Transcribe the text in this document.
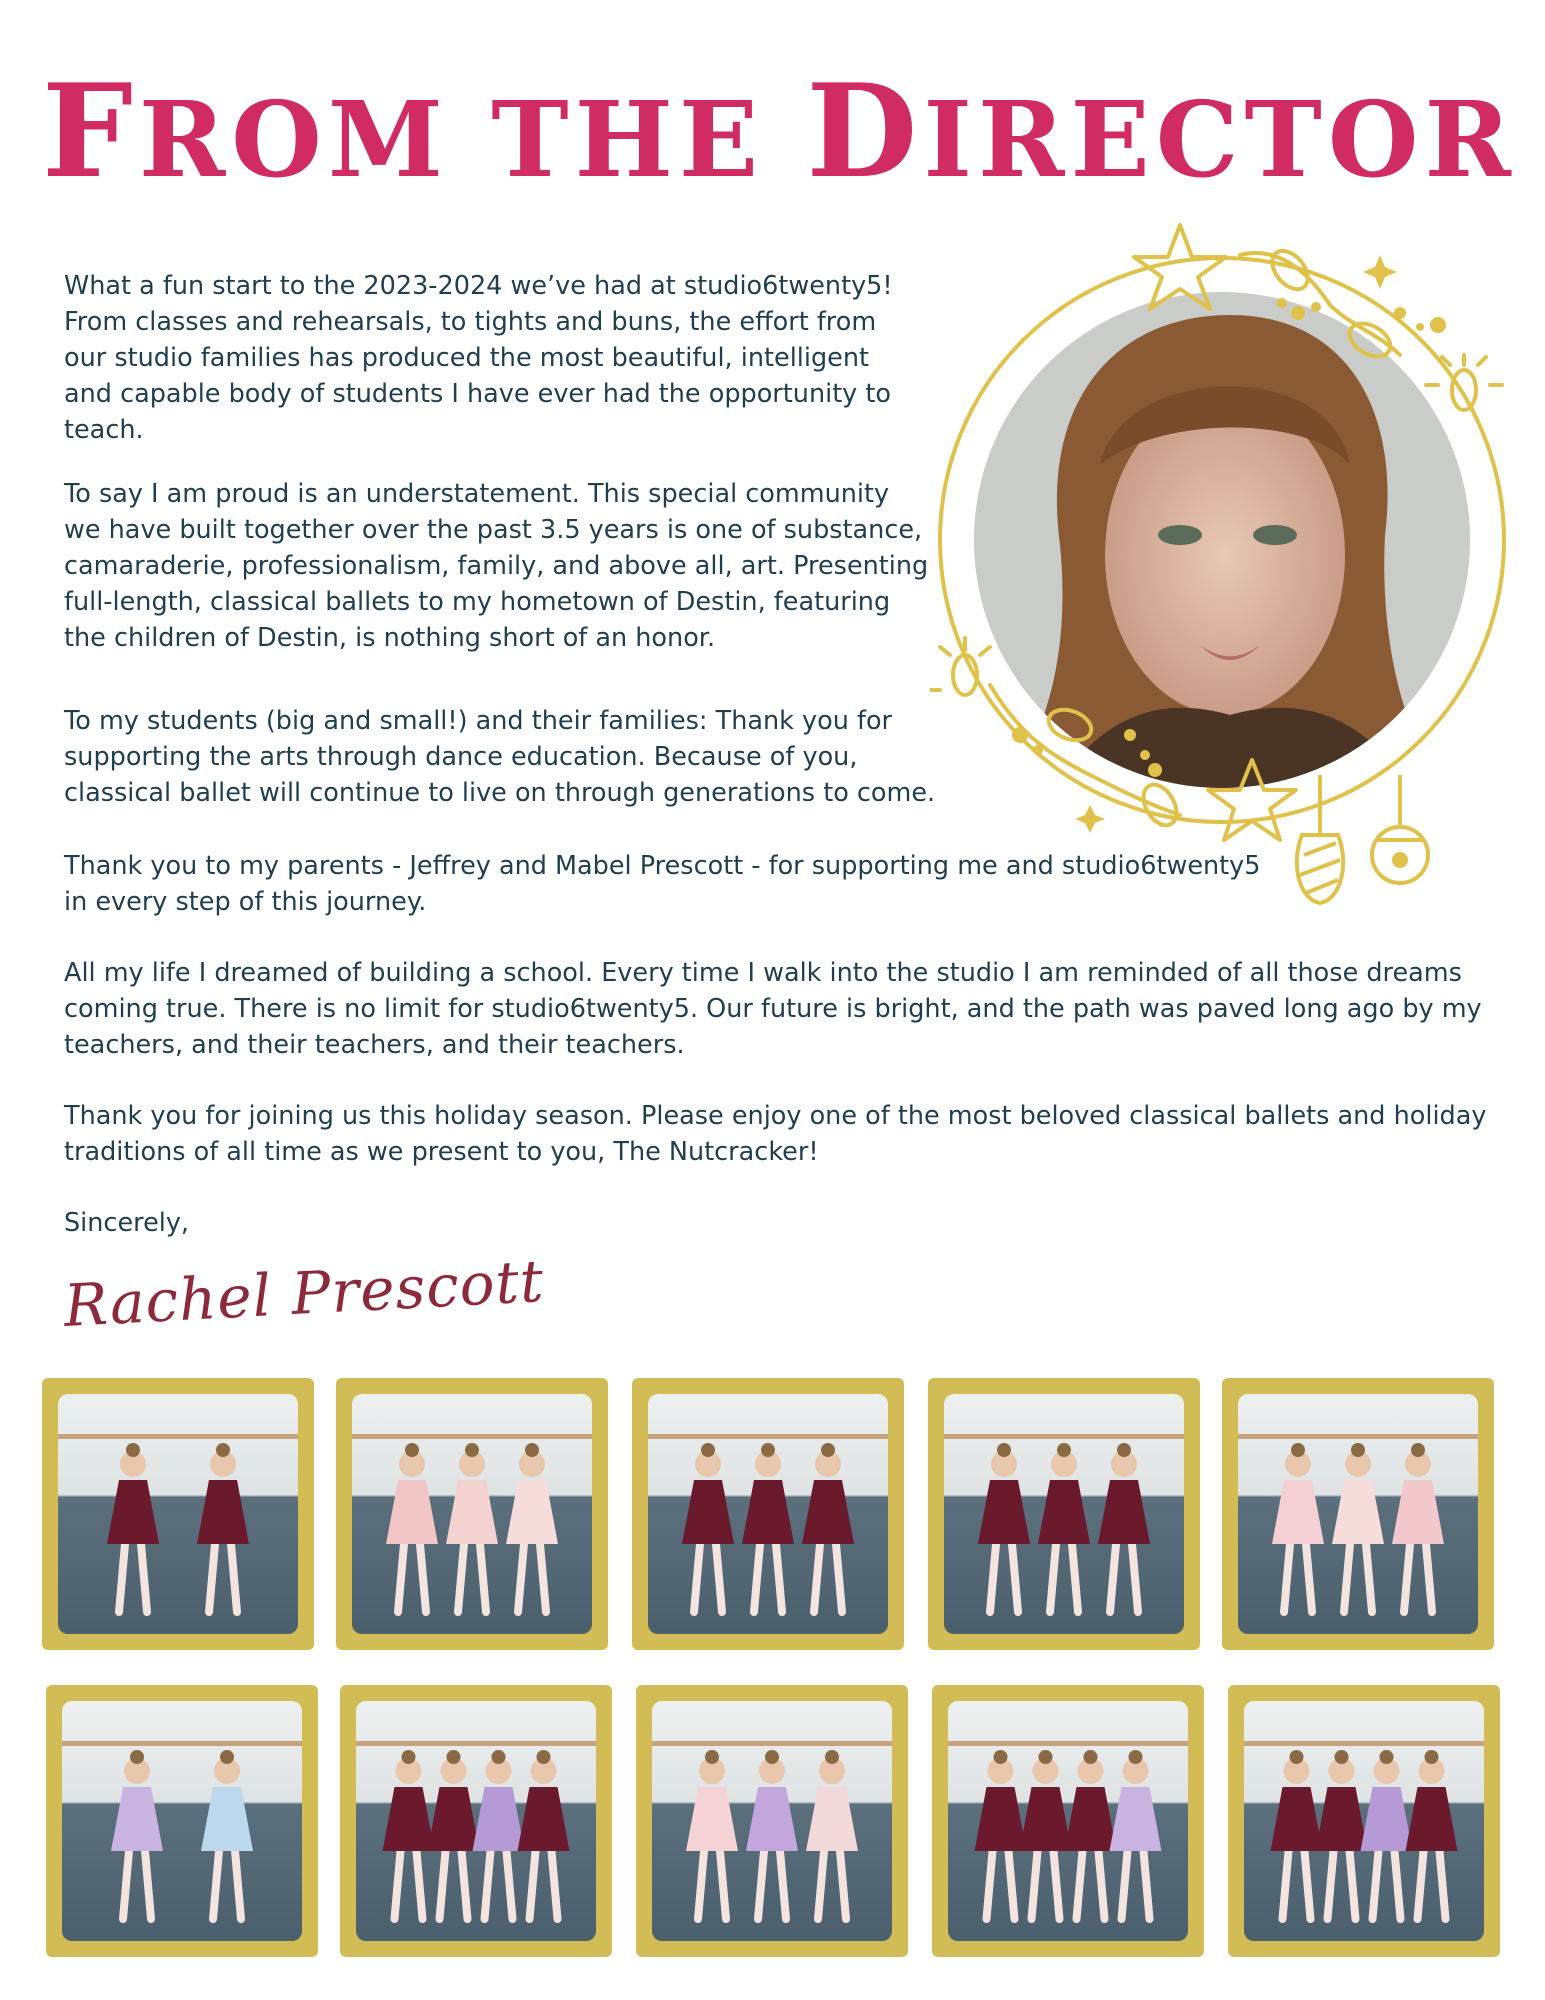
FROM THE DIRECTOR

What a fun start to the 2023-2024 we’ve had at studio6twenty5!

From classes and rehearsals, to tights and buns, the effort from

our studio families has produced the most beautiful, intelligent

and capable body of students I have ever had the opportunity to

teach.

To say I am proud is an understatement. This special community

we have built together over the past 3.5 years is one of substance,

camaraderie, professionalism, family, and above all, art. Presenting

full-length, classical ballets to my hometown of Destin, featuring

the children of Destin, is nothing short of an honor.

To my students (big and small!) and their families: Thank you for

supporting the arts through dance education. Because of you,

classical ballet will continue to live on through generations to come.

Thank you to my parents - Jeffrey and Mabel Prescott - for supporting me and studio6twenty5

in every step of this journey.

All my life I dreamed of building a school. Every time I walk into the studio I am reminded of all those dreams

coming true. There is no limit for studio6twenty5. Our future is bright, and the path was paved long ago by my

teachers, and their teachers, and their teachers.

Thank you for joining us this holiday season. Please enjoy one of the most beloved classical ballets and holiday

traditions of all time as we present to you, The Nutcracker!

Sincerely,

Rachel Prescott
